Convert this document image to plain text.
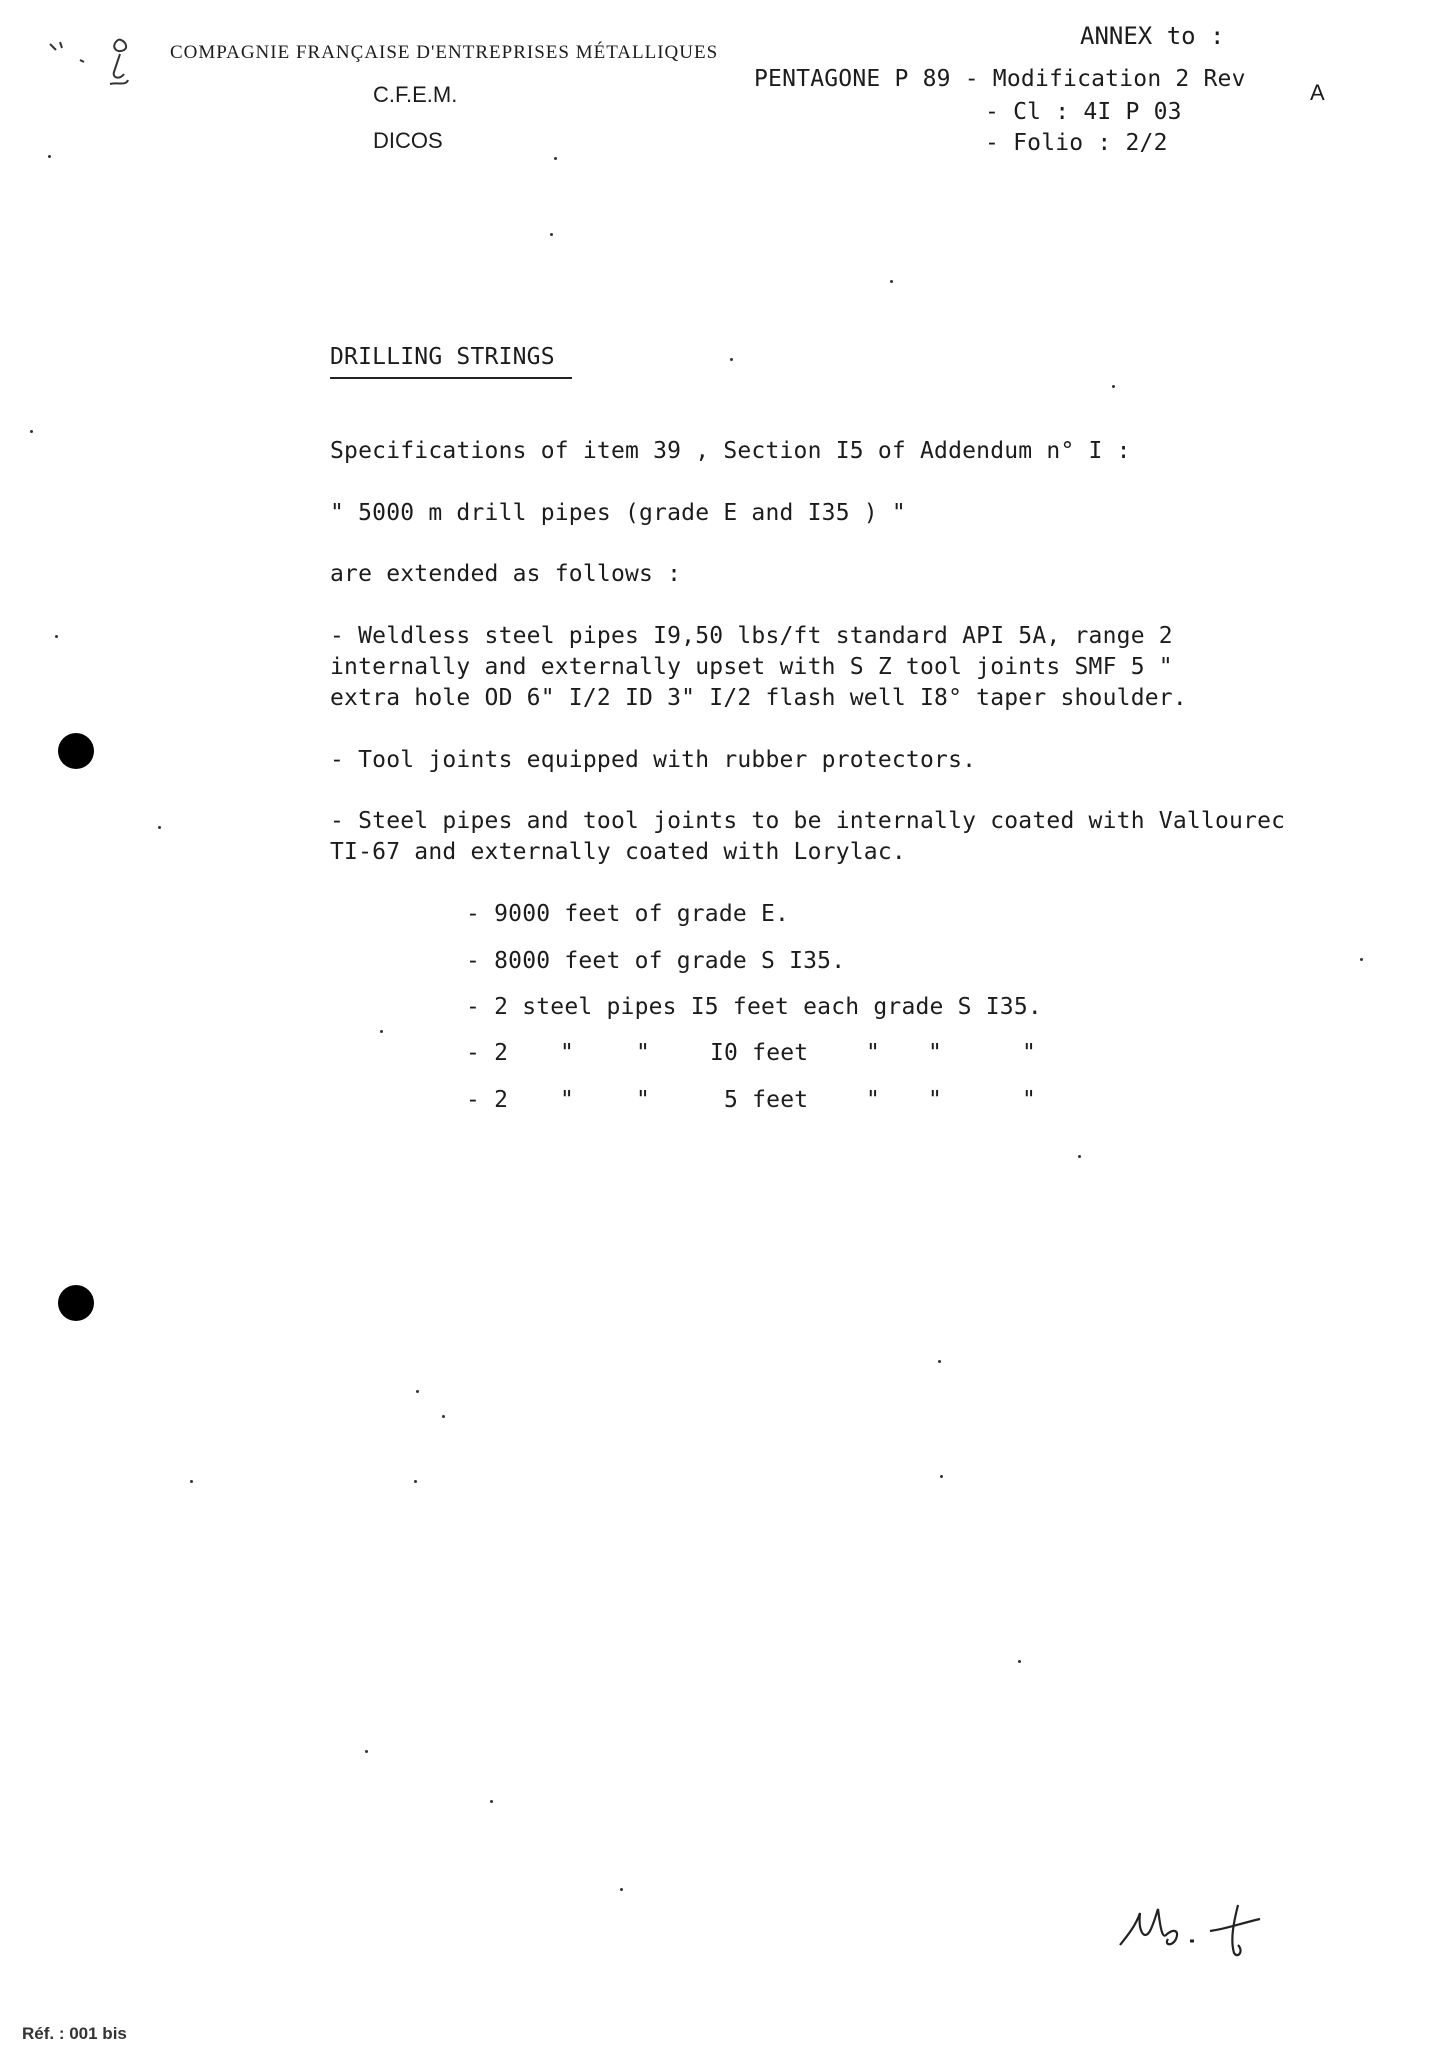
COMPAGNIE FRANÇAISE D'ENTREPRISES MÉTALLIQUES
C.F.E.M.
DICOS
ANNEX to :
PENTAGONE P 89 - Modification 2 Rev
A
- Cl : 4I P 03
- Folio : 2/2
DRILLING STRINGS
Specifications of item 39 , Section I5 of Addendum n° I :
" 5000 m drill pipes (grade E and I35 ) "
are extended as follows :
- Weldless steel pipes I9,50 lbs/ft standard API 5A, range 2
internally and externally upset with S Z tool joints SMF 5 "
extra hole OD 6" I/2 ID 3" I/2 flash well I8° taper shoulder.
- Tool joints equipped with rubber protectors.
- Steel pipes and tool joints to be internally coated with Vallourec
TI-67 and externally coated with Lorylac.
- 9000 feet of grade E.
- 8000 feet of grade S I35.
- 2 steel pipes I5 feet each grade S I35.
- 2 "	"	I0 feet	" "	"
- 2 "	"	5 feet	" "	"
Réf. : 001 bis
